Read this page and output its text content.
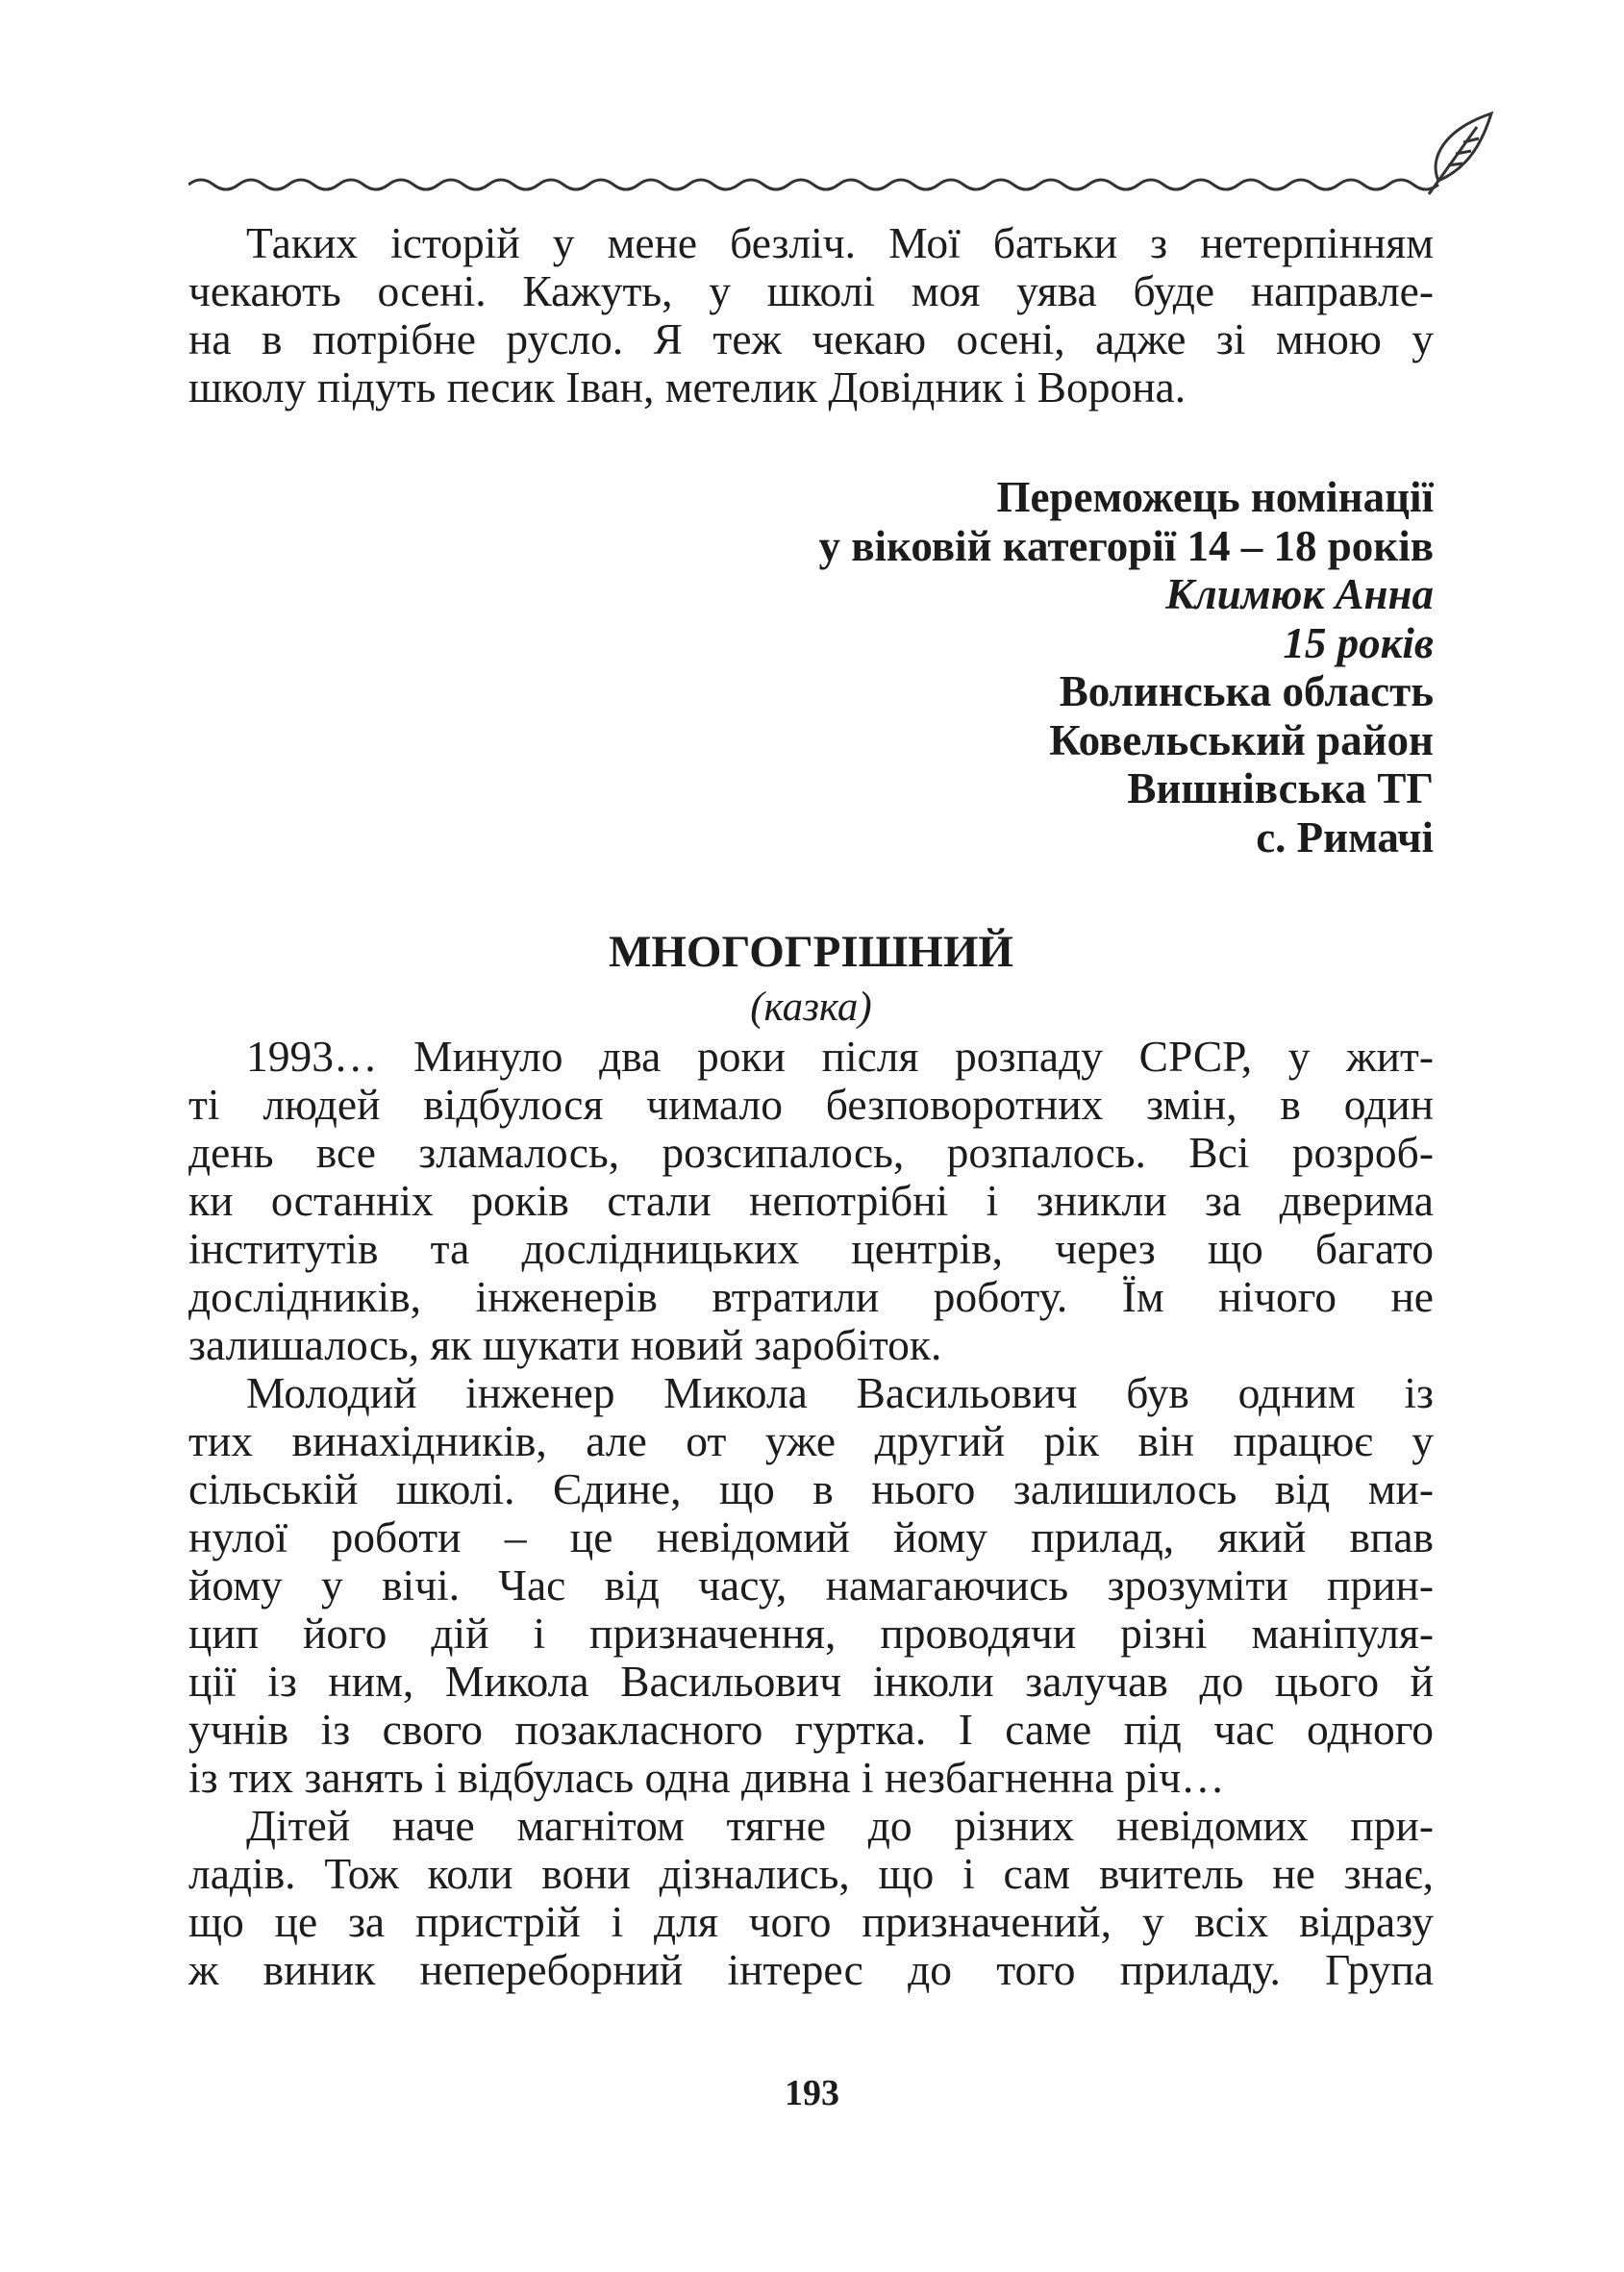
Таких історій у мене безліч. Мої батьки з нетерпінням
чекають осені. Кажуть, у школі моя уява буде направле-
на в потрібне русло. Я теж чекаю осені, адже зі мною у
школу підуть песик Іван, метелик Довідник і Ворона.
Переможець номінації
у віковій категорії 14 – 18 років
Климюк Анна
15 років
Волинська область
Ковельський район
Вишнівська ТГ
с. Римачі
МНОГОГРІШНИЙ
(казка)
1993… Минуло два роки після розпаду СРСР, у жит-
ті людей відбулося чимало безповоротних змін, в один
день все зламалось, розсипалось, розпалось. Всі розроб-
ки останніх років стали непотрібні і зникли за дверима
інститутів та дослідницьких центрів, через що багато
дослідників, інженерів втратили роботу. Їм нічого не
залишалось, як шукати новий заробіток.
Молодий інженер Микола Васильович був одним із
тих винахідників, але от уже другий рік він працює у
сільській школі. Єдине, що в нього залишилось від ми-
нулої роботи – це невідомий йому прилад, який впав
йому у вічі. Час від часу, намагаючись зрозуміти прин-
цип його дій і призначення, проводячи різні маніпуля-
ції із ним, Микола Васильович інколи залучав до цього й
учнів із свого позакласного гуртка. І саме під час одного
із тих занять і відбулась одна дивна і незбагненна річ…
Дітей наче магнітом тягне до різних невідомих при-
ладів. Тож коли вони дізнались, що і сам вчитель не знає,
що це за пристрій і для чого призначений, у всіх відразу
ж виник непереборний інтерес до того приладу. Група
193
